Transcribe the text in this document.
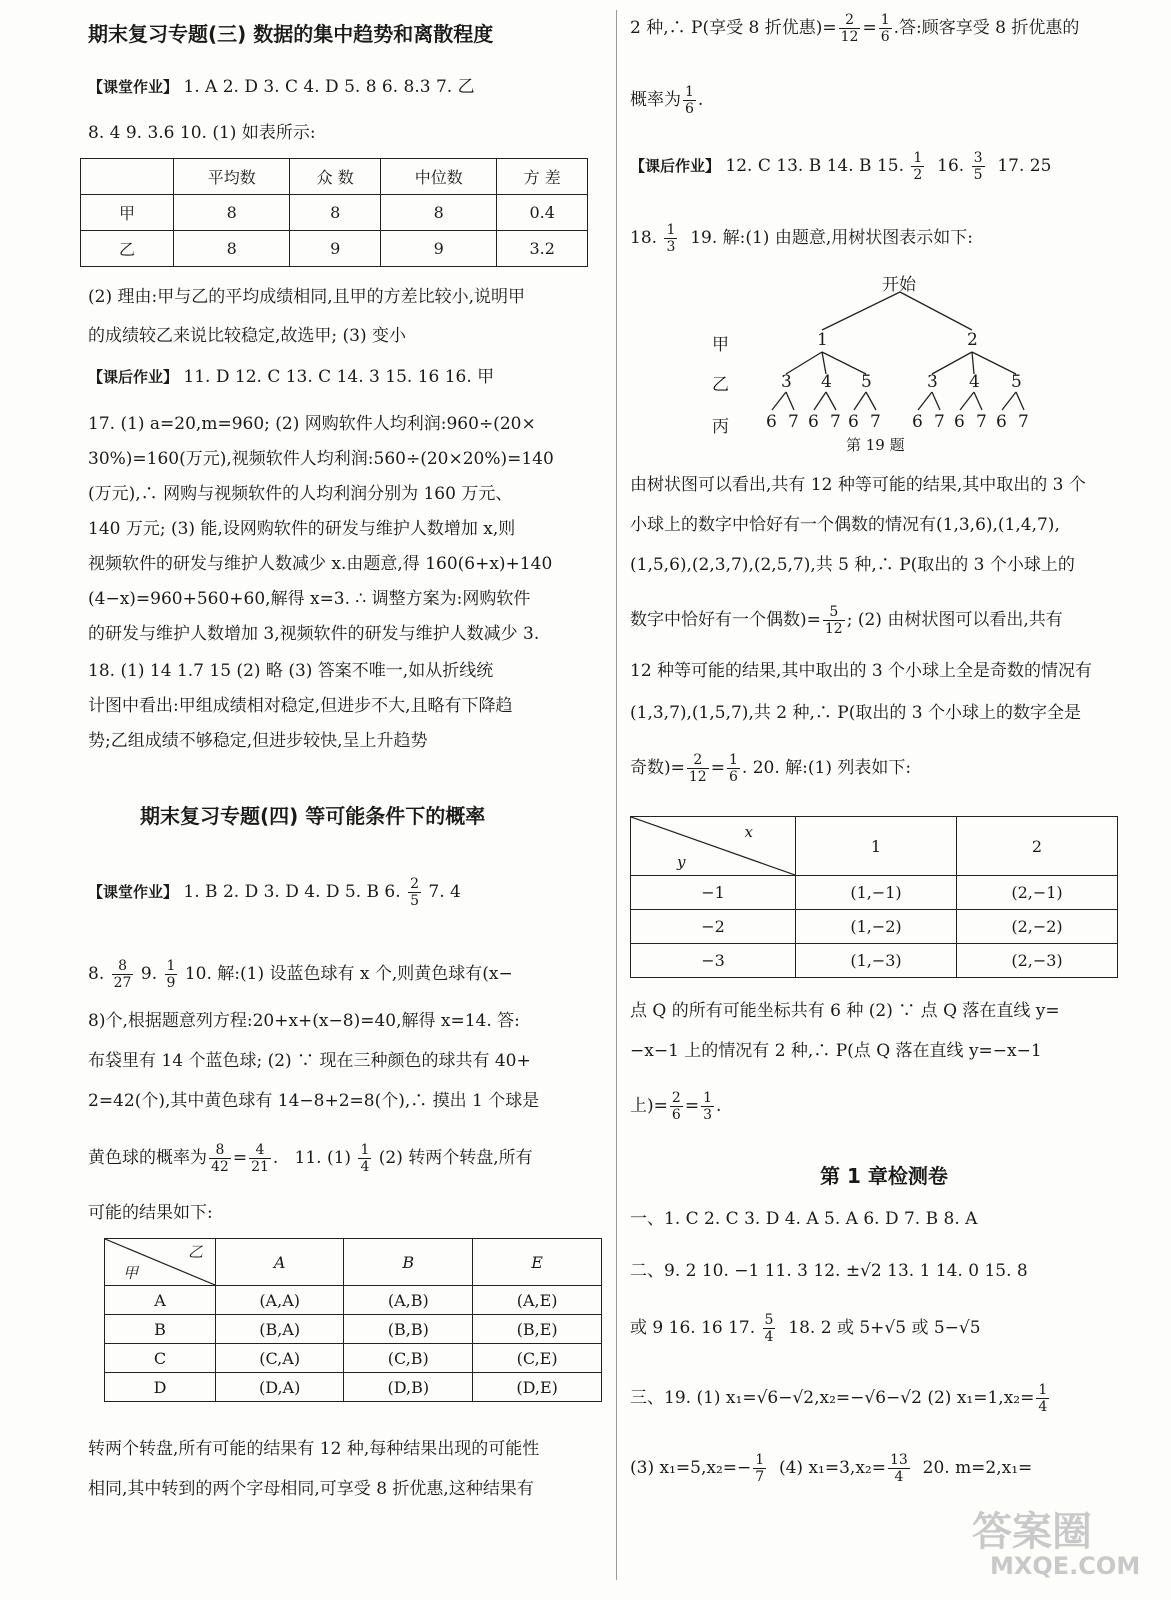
期末复习专题(三) 数据的集中趋势和离散程度
【课堂作业】 1. A 2. D 3. C 4. D 5. 8 6. 8.3 7. 乙
8. 4 9. 3.6 10. (1) 如表所示:
	平均数	众 数	中位数	方 差
甲	8	8	8	0.4
乙	8	9	9	3.2
(2) 理由:甲与乙的平均成绩相同,且甲的方差比较小,说明甲
的成绩较乙来说比较稳定,故选甲; (3) 变小
【课后作业】 11. D 12. C 13. C 14. 3 15. 16 16. 甲
17. (1) a=20,m=960; (2) 网购软件人均利润:960÷(20×
30%)=160(万元),视频软件人均利润:560÷(20×20%)=140
(万元),∴ 网购与视频软件的人均利润分别为 160 万元、
140 万元; (3) 能,设网购软件的研发与维护人数增加 x,则
视频软件的研发与维护人数减少 x.由题意,得 160(6+x)+140
(4−x)=960+560+60,解得 x=3. ∴ 调整方案为:网购软件
的研发与维护人数增加 3,视频软件的研发与维护人数减少 3.
18. (1) 14 1.7 15 (2) 略 (3) 答案不唯一,如从折线统
计图中看出:甲组成绩相对稳定,但进步不大,且略有下降趋
势;乙组成绩不够稳定,但进步较快,呈上升趋势
期末复习专题(四) 等可能条件下的概率
【课堂作业】 1. B 2. D 3. D 4. D 5. B 6. $\frac{2}{5} 7$. 4
8. $\frac{8}{27} 9$. $\frac{1}{9} 10$. 解:(1) 设蓝色球有 x 个,则黄色球有(x−
8)个,根据题意列方程:20+x+(x−8)=40,解得 x=14. 答:
布袋里有 14 个蓝色球; (2) ∵ 现在三种颜色的球共有 40+
2=42(个),其中黄色球有 14−8+2=8(个),∴ 摸出 1 个球是
黄色球的概率为 $\frac{8}{42} = \frac{4}{21}$ .   11. $(1) \frac{1}{4} (2)$ 转两个转盘,所有
可能的结果如下:
乙
甲	A	B	E
A	(A,A)	(A,B)	(A,E)
B	(B,A)	(B,B)	(B,E)
C	(C,A)	(C,B)	(C,E)
D	(D,A)	(D,B)	(D,E)
转两个转盘,所有可能的结果有 12 种,每种结果出现的可能性
相同,其中转到的两个字母相同,可享受 8 折优惠,这种结果有
2 种,∴ P(享受 8 折优惠)= $\frac{2}{12} = \frac{1}{6}$ .答:顾客享受 8 折优惠的
概率为 $\frac{1}{6}$ .
【课后作业】 12. C 13. B 14. B 15. $\frac{1}{2} 16$. $\frac{3}{5} 17$. 25
18. $\frac{1}{3} 19$. 解:(1) 由题意,用树状图表示如下:
开始
甲
乙
丙
1	2
3 4 5	3 4 5
6 7 6 7 6 7 6 7 6 7 6 7
第 19 题
由树状图可以看出,共有 12 种等可能的结果,其中取出的 3 个
小球上的数字中恰好有一个偶数的情况有(1,3,6),(1,4,7),
(1,5,6),(2,3,7),(2,5,7),共 5 种,∴ P(取出的 3 个小球上的
数字中恰好有一个偶数)= $\frac{5}{12}$ ; (2) 由树状图可以看出,共有
12 种等可能的结果,其中取出的 3 个小球上全是奇数的情况有
(1,3,7),(1,5,7),共 2 种,∴ P(取出的 3 个小球上的数字全是
奇数)= $\frac{2}{12} = \frac{1}{6}$ . 20. 解:(1) 列表如下:
x
y	1	2
−1	(1,−1)	(2,−1)
−2	(1,−2)	(2,−2)
−3	(1,−3)	(2,−3)
点 Q 的所有可能坐标共有 6 种 (2) ∵ 点 Q 落在直线 y=
−x−1 上的情况有 2 种,∴ P(点 Q 落在直线 y=−x−1
上)= $\frac{2}{6} = \frac{1}{3}$ .
第 1 章检测卷
一、1. C 2. C 3. D 4. A 5. A 6. D 7. B 8. A
二、9. 2 10. −1 11. 3 12. ±√2 13. 1 14. 0 15. 8
或 9 16. 16 17. $\frac{5}{4} 18$. 2 或 5+√5 或 5−√5
三、19. (1) x₁=√6−√2,x₂=−√6−√2 (2) $x_1=1,x_2= \frac{1}{4}$
(3) $x_1=5,x_2=- \frac{1}{7} (4)$ $x_1=3,x_2= \frac{13}{4} 20$. m=2,x₁=
答案圈
MXQE.COM
